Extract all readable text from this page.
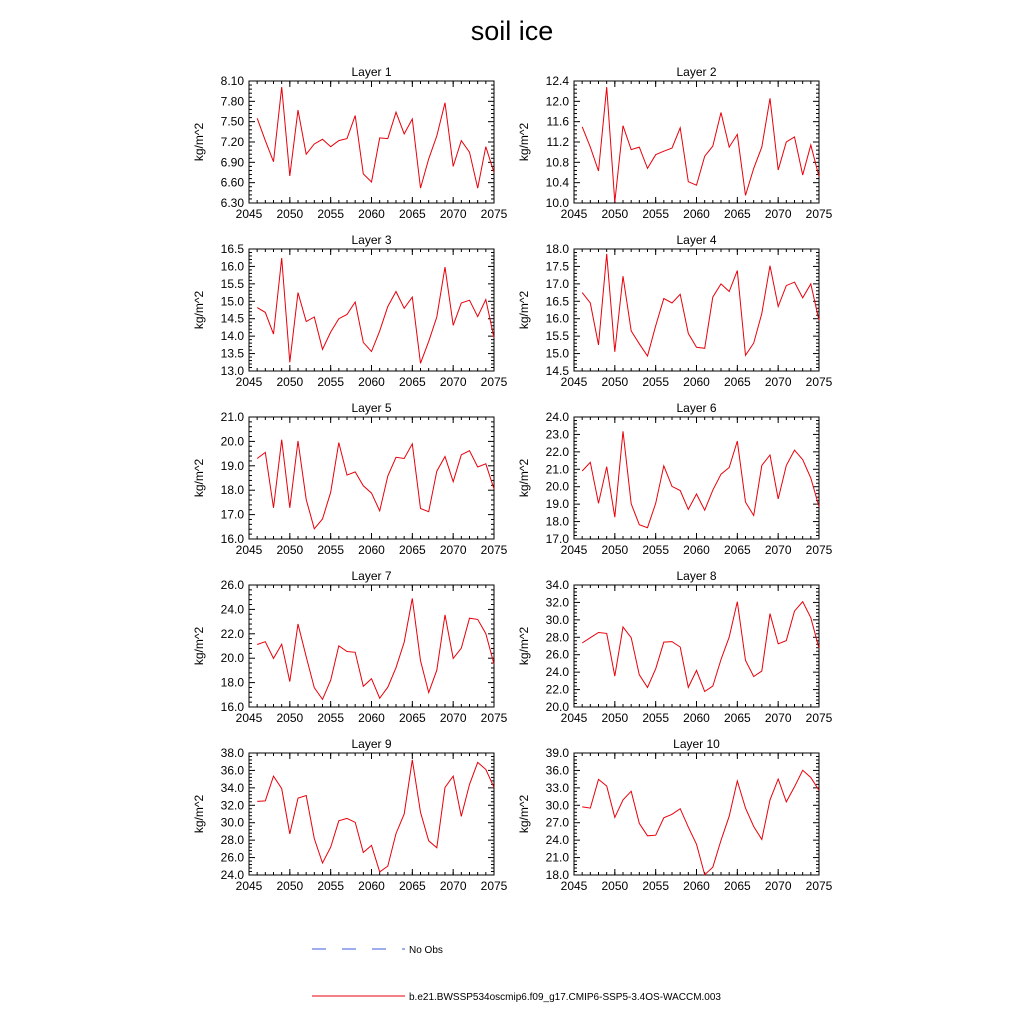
soil ice
Layer 1
kg/m^2
2045 2050 2055 2060 2065 2070 2075
6.30
6.60
6.90
7.20
7.50
7.80
8.10
Layer 2
kg/m^2
2045 2050 2055 2060 2065 2070 2075
10.0
10.4
10.8
11.2
11.6
12.0
12.4
Layer 3
kg/m^2
2045 2050 2055 2060 2065 2070 2075
13.0
13.5
14.0
14.5
15.0
15.5
16.0
16.5
Layer 4
kg/m^2
2045 2050 2055 2060 2065 2070 2075
14.5
15.0
15.5
16.0
16.5
17.0
17.5
18.0
Layer 5
kg/m^2
2045 2050 2055 2060 2065 2070 2075
16.0
17.0
18.0
19.0
20.0
21.0
Layer 6
kg/m^2
2045 2050 2055 2060 2065 2070 2075
17.0
18.0
19.0
20.0
21.0
22.0
23.0
24.0
Layer 7
kg/m^2
2045 2050 2055 2060 2065 2070 2075
16.0
18.0
20.0
22.0
24.0
26.0
Layer 8
kg/m^2
2045 2050 2055 2060 2065 2070 2075
20.0
22.0
24.0
26.0
28.0
30.0
32.0
34.0
Layer 9
kg/m^2
2045 2050 2055 2060 2065 2070 2075
24.0
26.0
28.0
30.0
32.0
34.0
36.0
38.0
Layer 10
kg/m^2
2045 2050 2055 2060 2065 2070 2075
18.0
21.0
24.0
27.0
30.0
33.0
36.0
39.0
No Obs
b.e21.BWSSP534oscmip6.f09_g17.CMIP6-SSP5-3.4OS-WACCM.003
